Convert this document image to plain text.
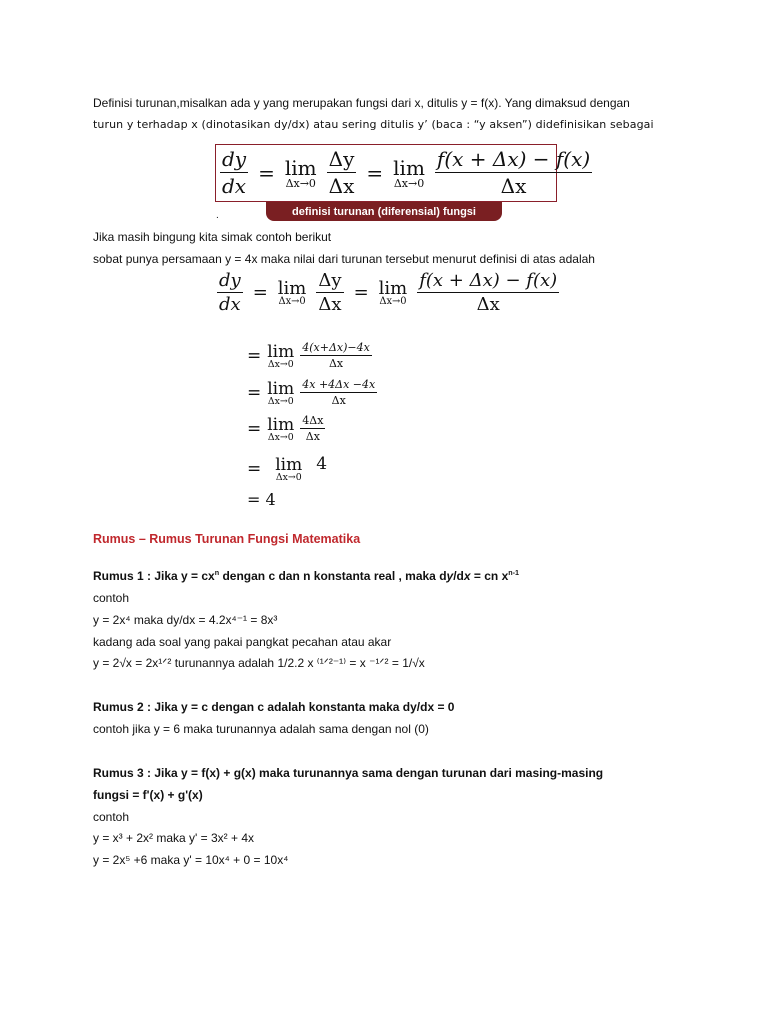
Definisi turunan,misalkan ada y yang merupakan fungsi dari x, ditulis y = f(x). Yang dimaksud dengan
turun y terhadap x (dinotasikan dy/dx) atau sering ditulis y’ (baca : “y aksen”) didefinisikan sebagai
$\frac{dy}{dx} = \lim$
$\Delta x\to 0 \frac{\Delta y}{\Delta x} = \lim$
$\Delta x\to 0 \frac{f(x + \Delta x) - f(x)}{\Delta x}$
definisi turunan (diferensial) fungsi
.
Jika masih bingung kita simak contoh berikut
sobat punya persamaan y = 4x maka nilai dari turunan tersebut menurut definisi di atas adalah
$\frac{dy}{dx} = \lim$
$\Delta x\to 0 \frac{\Delta y}{\Delta x} = \lim$
$\Delta x\to 0 \frac{f(x + \Delta x) - f(x)}{\Delta x}$
= lim
$\Delta x\to 0 \frac{4(x+\Delta x)-4x}{\Delta x}$
= lim
$\Delta x\to 0 \frac{4x +4\Delta x -4x}{\Delta x}$
= lim
$\Delta x\to 0 \frac{4\Delta x}{\Delta x}$
= lim
Δx→0
4
= 4
Rumus – Rumus Turunan Fungsi Matematika
Rumus 1 : Jika $y = cx^n$ dengan c dan n konstanta real , maka dy/dx = cn $x^{n-1}$
contoh
y = 2x⁴ maka dy/dx = 4.2x⁴⁻¹ = 8x³
kadang ada soal yang pakai pangkat pecahan atau akar
y = 2√x = 2x¹ᐟ² turunannya adalah 1/2.2 x ⁽¹ᐟ²⁻¹⁾ = x ⁻¹ᐟ² = 1/√x
Rumus 2 : Jika y = c dengan c adalah konstanta maka dy/dx = 0
contoh jika y = 6 maka turunannya adalah sama dengan nol (0)
Rumus 3 : Jika y = f(x) + g(x) maka turunannya sama dengan turunan dari masing-masing
fungsi = f'(x) + g'(x)
contoh
y = x³ + 2x² maka y' = 3x² + 4x
y = 2x⁵ +6 maka y' = 10x⁴ + 0 = 10x⁴
